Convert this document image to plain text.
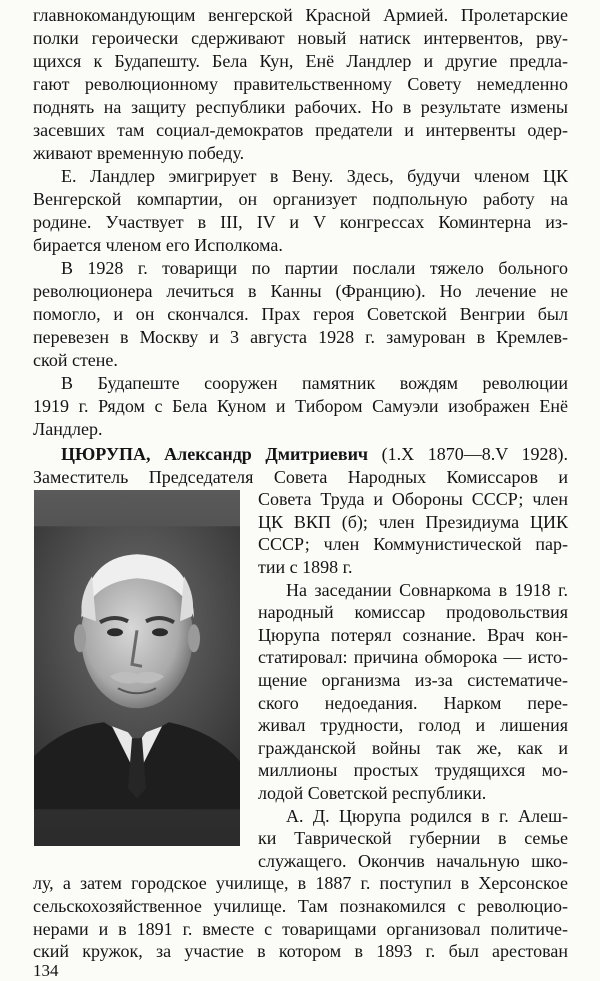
главнокомандующим венгерской Красной Армией. Пролетарские
полки героически сдерживают новый натиск интервентов, рву-
щихся к Будапешту. Бела Кун, Енё Ландлер и другие предла-
гают революционному правительственному Совету немедленно
поднять на защиту республики рабочих. Но в результате измены
засевших там социал-демократов предатели и интервенты одер-
живают временную победу.
Е. Ландлер эмигрирует в Вену. Здесь, будучи членом ЦК
Венгерской компартии, он организует подпольную работу на
родине. Участвует в III, IV и V конгрессах Коминтерна из-
бирается членом его Исполкома.
В 1928 г. товарищи по партии послали тяжело больного
революционера лечиться в Канны (Францию). Но лечение не
помогло, и он скончался. Прах героя Советской Венгрии был
перевезен в Москву и 3 августа 1928 г. замурован в Кремлев-
ской стене.
В Будапеште сооружен памятник вождям революции
1919 г. Рядом с Бела Куном и Тибором Самуэли изображен Енё
Ландлер.
ЦЮРУПА, Александр Дмитриевич (1.X 1870—8.V 1928).
Заместитель Председателя Совета Народных Комиссаров и
Совета Труда и Обороны СССР; член
ЦК ВКП (б); член Президиума ЦИК
СССР; член Коммунистической пар-
тии с 1898 г.
На заседании Совнаркома в 1918 г.
народный комиссар продовольствия
Цюрупа потерял сознание. Врач кон-
статировал: причина обморока — исто-
щение организма из-за систематиче-
ского недоедания. Нарком пере-
живал трудности, голод и лишения
гражданской войны так же, как и
миллионы простых трудящихся мо-
лодой Советской республики.
А. Д. Цюрупа родился в г. Алеш-
ки Таврической губернии в семье
служащего. Окончив начальную шко-
лу, а затем городское училище, в 1887 г. поступил в Херсонское
сельскохозяйственное училище. Там познакомился с революцио-
нерами и в 1891 г. вместе с товарищами организовал политиче-
ский кружок, за участие в котором в 1893 г. был арестован
134
